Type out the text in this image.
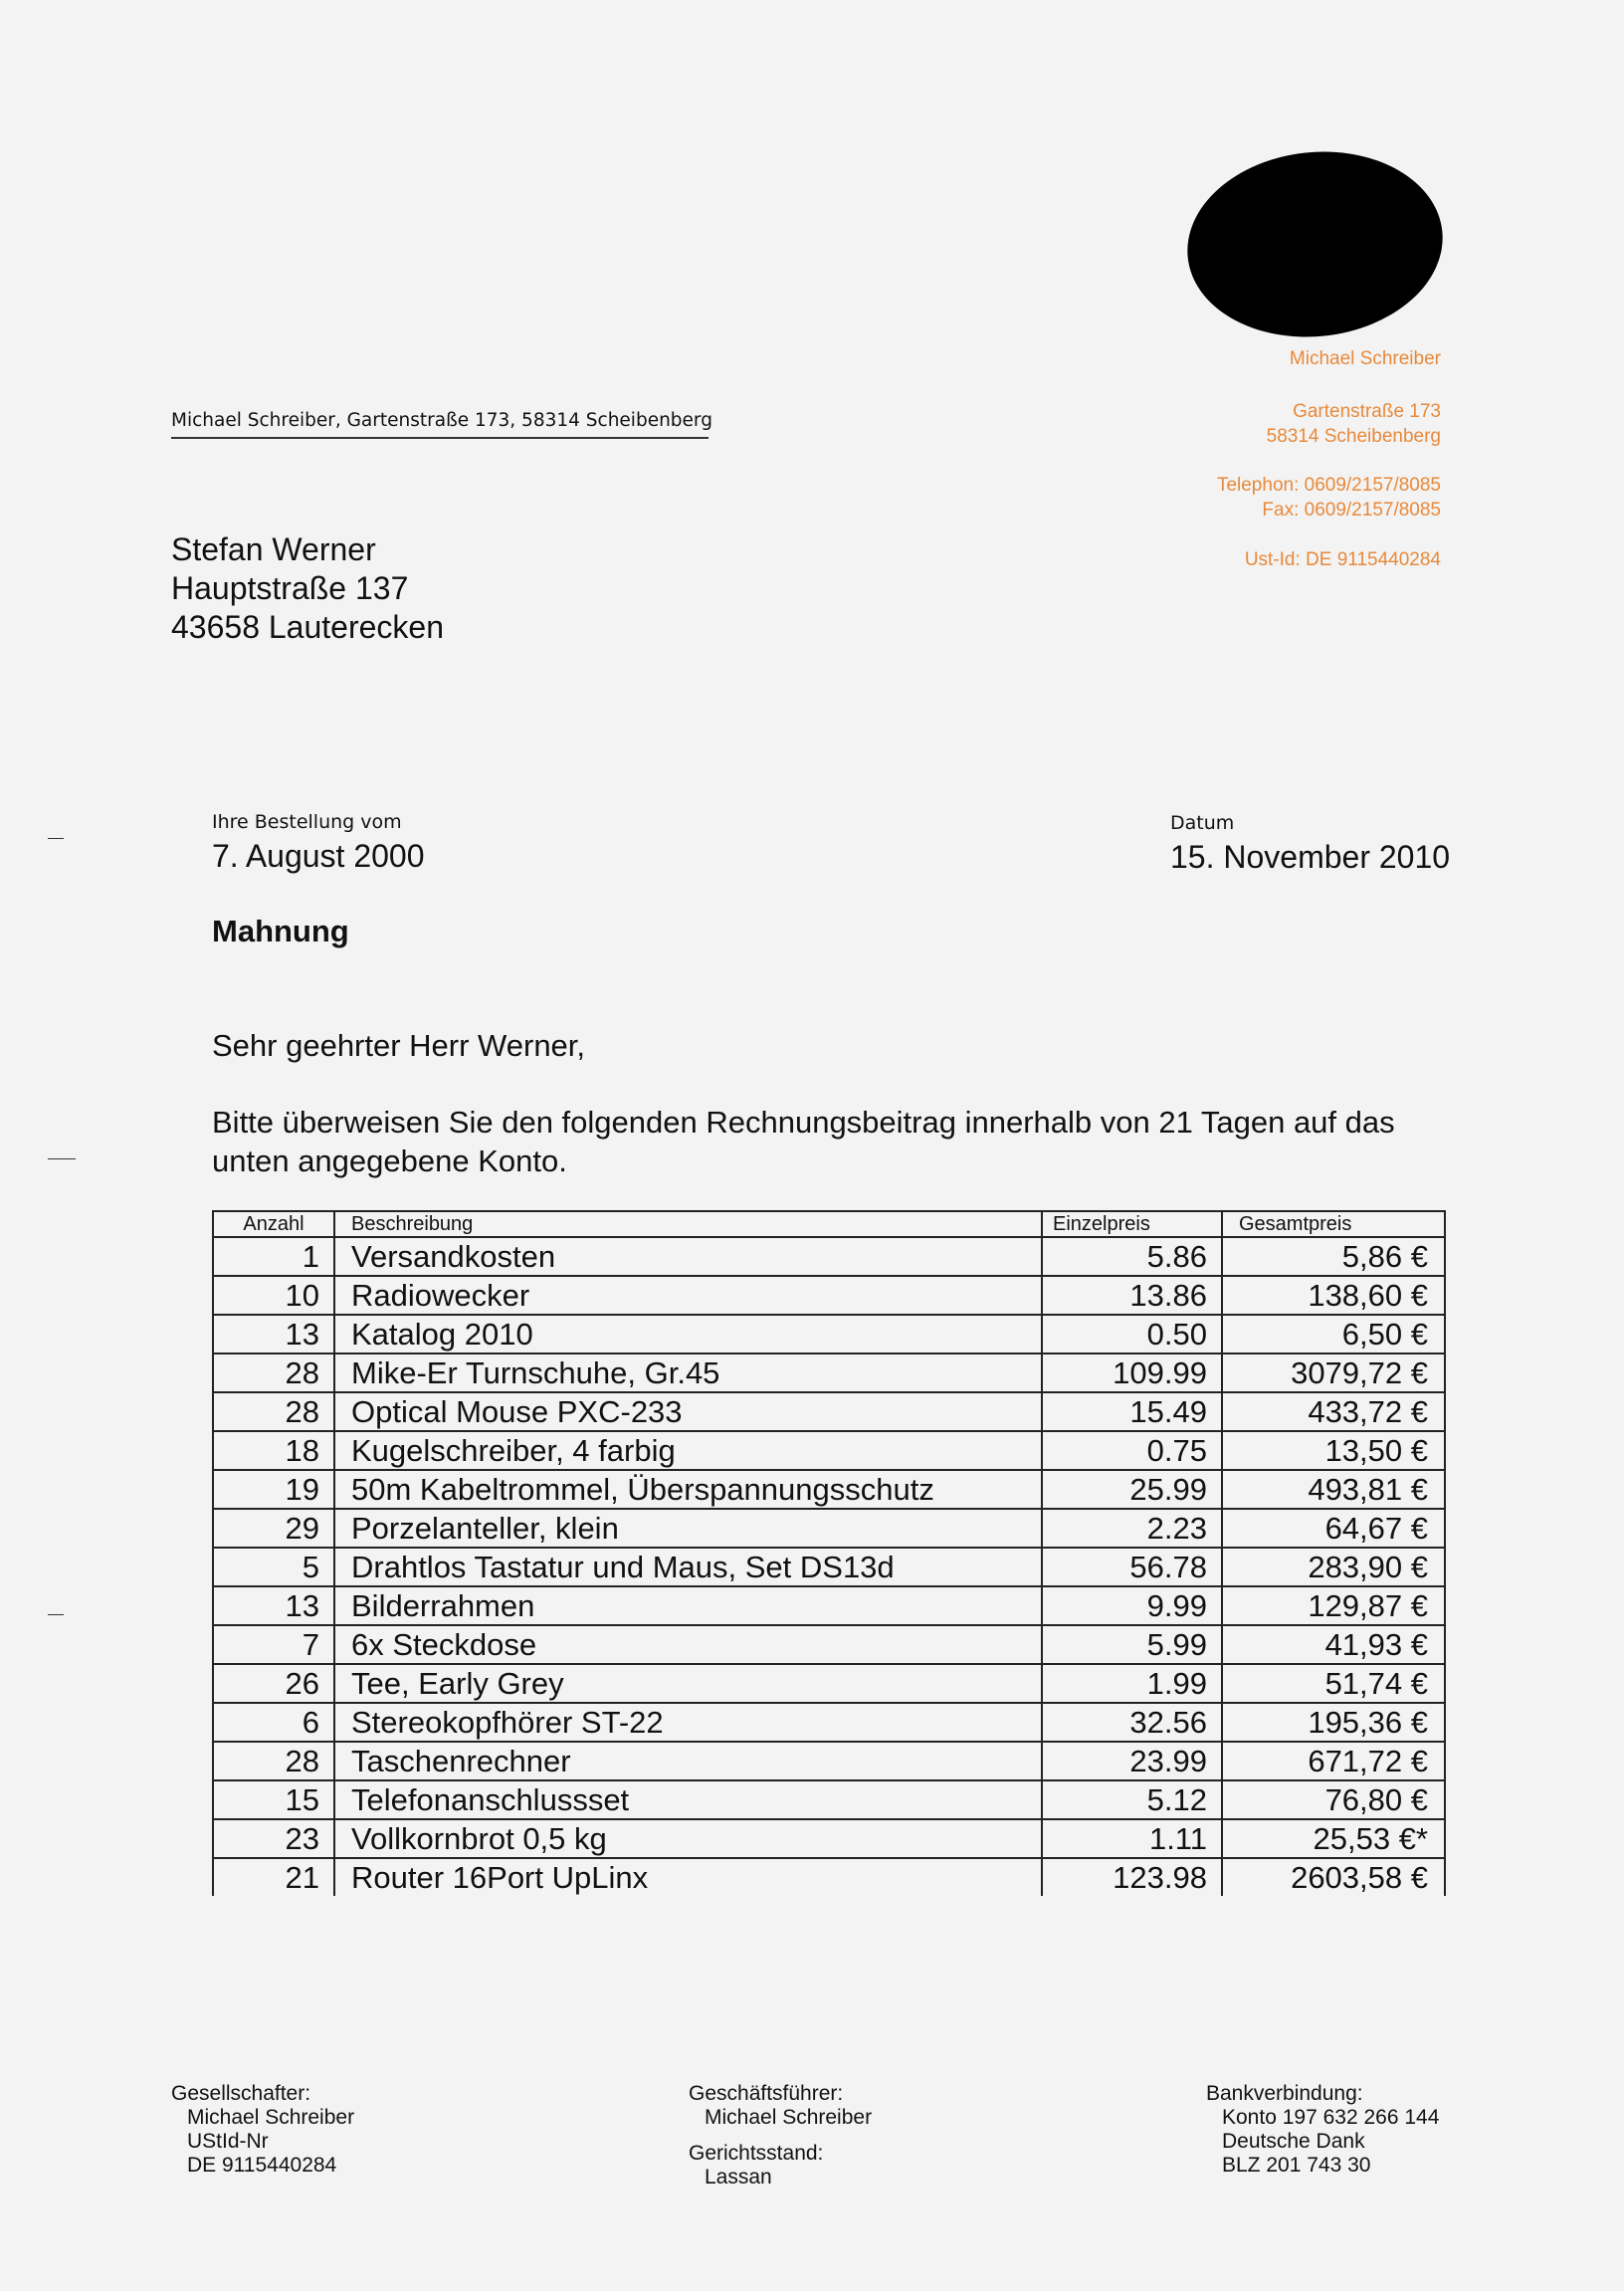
Michael Schreiber
Gartenstraße 173
58314 Scheibenberg
Telephon: 0609/2157/8085
Fax: 0609/2157/8085
Ust-Id: DE 9115440284
Michael Schreiber, Gartenstraße 173, 58314 Scheibenberg
Stefan Werner
Hauptstraße 137
43658 Lauterecken
Ihre Bestellung vom
7. August 2000
Datum
15. November 2010
Mahnung
Sehr geehrter Herr Werner,
Bitte überweisen Sie den folgenden Rechnungsbeitrag innerhalb von 21 Tagen auf das unten angegebene Konto.
Anzahl	Beschreibung	Einzelpreis	Gesamtpreis
1	Versandkosten	5.86	5,86 €
10	Radiowecker	13.86	138,60 €
13	Katalog 2010	0.50	6,50 €
28	Mike-Er Turnschuhe, Gr.45	109.99	3079,72 €
28	Optical Mouse PXC-233	15.49	433,72 €
18	Kugelschreiber, 4 farbig	0.75	13,50 €
19	50m Kabeltrommel, Überspannungsschutz	25.99	493,81 €
29	Porzelanteller, klein	2.23	64,67 €
5	Drahtlos Tastatur und Maus, Set DS13d	56.78	283,90 €
13	Bilderrahmen	9.99	129,87 €
7	6x Steckdose	5.99	41,93 €
26	Tee, Early Grey	1.99	51,74 €
6	Stereokopfhörer ST-22	32.56	195,36 €
28	Taschenrechner	23.99	671,72 €
15	Telefonanschlussset	5.12	76,80 €
23	Vollkornbrot 0,5 kg	1.11	25,53 €*
21	Router 16Port UpLinx	123.98	2603,58 €
Gesellschafter:
Michael Schreiber
UStId-Nr
DE 9115440284
Geschäftsführer:
Michael Schreiber
Gerichtsstand:
Lassan
Bankverbindung:
Konto 197 632 266 144
Deutsche Dank
BLZ 201 743 30
